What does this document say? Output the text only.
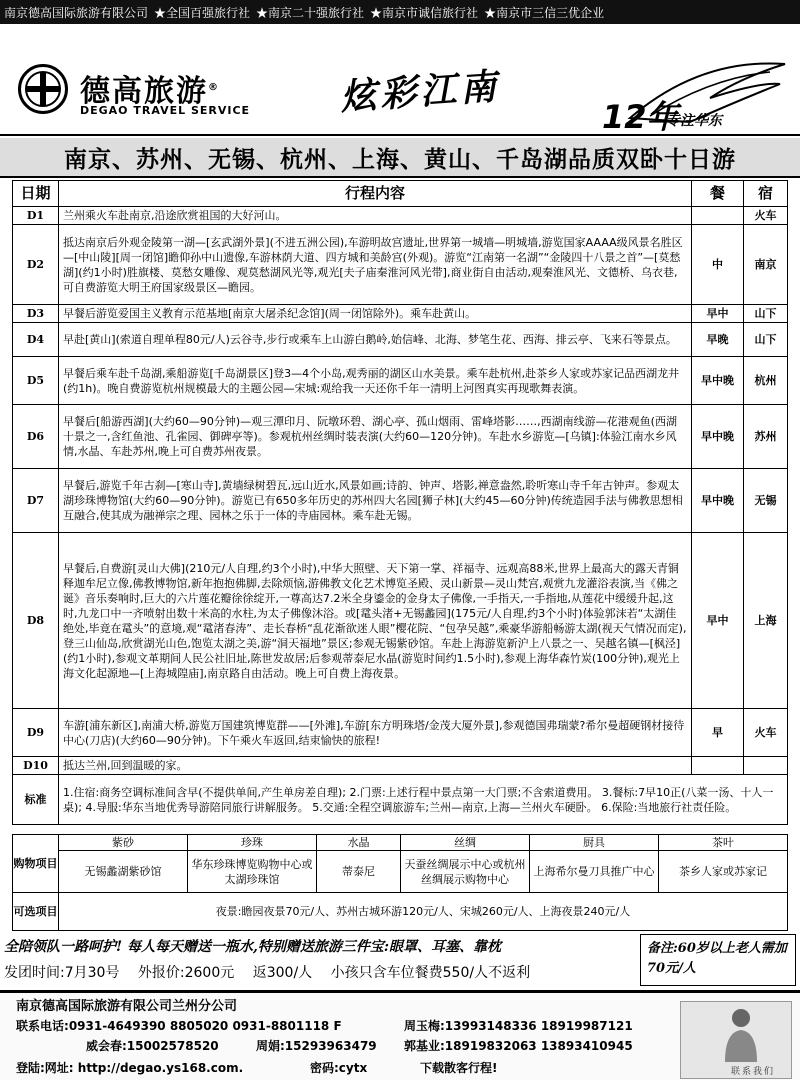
南京德高国际旅游有限公司 ★全国百强旅行社 ★南京二十强旅行社 ★南京市诚信旅行社 ★南京市三信三优企业
德高旅游®
DEGAO TRAVEL SERVICE 炫彩江南	12年
专注华东
南京、苏州、无锡、杭州、上海、黄山、千岛湖品质双卧十日游
日期	行程内容	餐	宿
D1	兰州乘火车赴南京,沿途欣赏祖国的大好河山。		火车
D2	抵达南京后外观金陵第一湖—[玄武湖外景](不进五洲公园),车游明故宫遗址,世界第一城墙—明城墙,游览国家AAAA级风景名胜区—[中山陵][周一闭馆]瞻仰孙中山遗像,车游林荫大道、四方城和美龄宫(外观)。游览“江南第一名湖”“金陵四十八景之首”—[莫愁湖](约1小时)胜旗楼、莫愁女雕像、观莫愁湖风光等,观光[夫子庙秦淮河风光带],商业街自由活动,观秦淮风光、文德桥、乌衣巷,可自费游览大明王府国家级景区—瞻园。	中	南京
D3	早餐后游览爱国主义教育示范基地[南京大屠杀纪念馆](周一闭馆除外)。乘车赴黄山。	早中	山下
D4	早赴[黄山](索道自理单程80元/人)云谷寺,步行或乘车上山游白鹅岭,始信峰、北海、梦笔生花、西海、排云亭、飞来石等景点。	早晚	山下
D5	早餐后乘车赴千岛湖,乘船游览[千岛湖景区]登3—4个小岛,观秀丽的湖区山水美景。乘车赴杭州,赴茶乡人家或苏家记品西湖龙井(约1h)。晚自费游览杭州规模最大的主题公园—宋城:观给我一天还你千年一清明上河图真实再现歌舞表演。	早中晚	杭州
D6	早餐后[船游西湖](大约60—90分钟)—观三潭印月、阮墩环碧、湖心亭、孤山烟雨、雷峰塔影……,西湖南线游—花港观鱼(西湖十景之一,含红鱼池、孔雀园、御碑亭等)。参观杭州丝绸时装表演(大约60—120分钟)。车赴水乡游览—[乌镇]:体验江南水乡风情,水晶、车赴苏州,晚上可自费苏州夜景。	早中晚	苏州
D7	早餐后,游览千年古刹—[寒山寺],黄墙绿树碧瓦,远山近水,风景如画;诗韵、钟声、塔影,禅意盎然,聆听寒山寺千年古钟声。参观太湖珍珠博物馆(大约60—90分钟)。游览已有650多年历史的苏州四大名园[狮子林](大约45—60分钟)传统造园手法与佛教思想相互融合,使其成为融禅宗之理、园林之乐于一体的寺庙园林。乘车赴无锡。	早中晚	无锡
D8	早餐后,自费游[灵山大佛](210元/人自理,约3个小时),中华大照壁、天下第一掌、祥福寺、远观高88米,世界上最高大的露天青铜释迦牟尼立像,佛教博物馆,新年抱抱佛脚,去除烦恼,游佛教文化艺术博览圣殿、灵山新景—灵山梵宫,观赏九龙灌浴表演,当《佛之诞》音乐奏响时,巨大的六片莲花瓣徐徐绽开,一尊高达7.2米全身鎏金的金身太子佛像,一手指天,一手指地,从莲花中缓缓升起,这时,九龙口中一齐喷射出数十米高的水柱,为太子佛像沐浴。或[鼋头渚+无锡蠡园](175元/人自理,约3个小时)体验郭沫若“太湖佳绝处,毕竟在鼋头”的意境,观“鼋渚春涛”、走长春桥“乱花渐欲迷人眼”樱花院、“包孕吴越”,乘豪华游船畅游太湖(视天气情况而定),登三山仙岛,欣赏湖光山色,饱览太湖之美,游“洞天福地”景区;参观无锡紫砂馆。车赴上海游览新沪上八景之一、吴越名镇—[枫泾](约1小时),参观文革期间人民公社旧址,陈世发故居;后参观蒂泰尼水晶(游览时间约1.5小时),参观上海华森竹炭(100分钟),观光上海文化起源地—[上海城隍庙],南京路自由活动。晚上可自费上海夜景。	早中	上海
D9	车游[浦东新区],南浦大桥,游览万国建筑博览群——[外滩],车游[东方明珠塔/金茂大厦外景],参观德国弗瑞蒙?希尔曼超硬钢材接待中心(刀店)(大约60—90分钟)。下午乘火车返回,结束愉快的旅程!	早	火车
D10	抵达兰州,回到温暖的家。		
标准	1.住宿:商务空调标准间含早(不提供单间,产生单房差自理); 2.门票:上述行程中景点第一大门票;不含索道费用。 3.餐标:7早10正(八菜一汤、十人一桌); 4.导服:华东当地优秀导游陪同旅行讲解服务。 5.交通:全程空调旅游车;兰州—南京,上海—兰州火车硬卧。 6.保险:当地旅行社责任险。		
购物项目	紫砂	珍珠	水晶	丝绸	厨具	茶叶
	无锡蠡湖紫砂馆	华东珍珠博览购物中心或太湖珍珠馆	蒂泰尼	天蚕丝绸展示中心或杭州丝绸展示购物中心	上海希尔曼刀具推广中心	茶乡人家或苏家记
可选项目	夜景:瞻园夜景70元/人、苏州古城环游120元/人、宋城260元/人、上海夜景240元/人					
全陪领队一路呵护! 每人每天赠送一瓶水,特别赠送旅游三件宝:眼罩、耳塞、靠枕
发团时间:7月30号 外报价:2600元 返300/人 小孩只含车位餐费550/人不返利
备注:60岁以上老人需加70元/人
南京德高国际旅游有限公司兰州分公司
联系电话:0931-4649390 8805020 0931-8801118 F	周玉梅:13993148336 18919987121
威会春:15002578520	周娟:15293963479 郭基业:18919832063 13893410945
登陆:网址: http://degao.ys168.com.	密码:cytx	下载散客行程!	联系我们
